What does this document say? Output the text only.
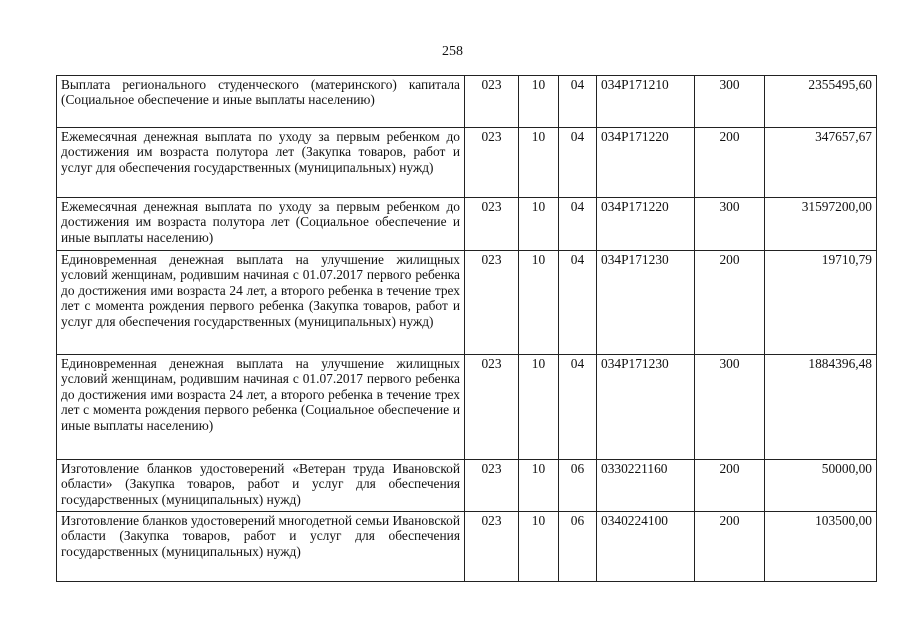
258
Выплата регионального студенческого (материнского) капитала (Социальное обеспечение и иные выплаты населению)	023	10	04	034P171210	300	2355495,60
Ежемесячная денежная выплата по уходу за первым ребенком до достижения им возраста полутора лет (Закупка товаров, работ и услуг для обеспечения государственных (муниципальных) нужд)	023	10	04	034P171220	200	347657,67
Ежемесячная денежная выплата по уходу за первым ребенком до достижения им возраста полутора лет (Социальное обеспечение и иные выплаты населению)	023	10	04	034P171220	300	31597200,00
Единовременная денежная выплата на улучшение жилищных условий женщинам, родившим начиная с 01.07.2017 первого ребенка до достижения ими возраста 24 лет, а второго ребенка в течение трех лет с момента рождения первого ребенка (Закупка товаров, работ и услуг для обеспечения государственных (муниципальных) нужд)	023	10	04	034P171230	200	19710,79
Единовременная денежная выплата на улучшение жилищных условий женщинам, родившим начиная с 01.07.2017 первого ребенка до достижения ими возраста 24 лет, а второго ребенка в течение трех лет с момента рождения первого ребенка (Социальное обеспечение и иные выплаты населению)	023	10	04	034P171230	300	1884396,48
Изготовление бланков удостоверений «Ветеран труда Ивановской области» (Закупка товаров, работ и услуг для обеспечения государственных (муниципальных) нужд)	023	10	06	0330221160	200	50000,00
Изготовление бланков удостоверений многодетной семьи Ивановской области (Закупка товаров, работ и услуг для обеспечения государственных (муниципальных) нужд)	023	10	06	0340224100	200	103500,00
